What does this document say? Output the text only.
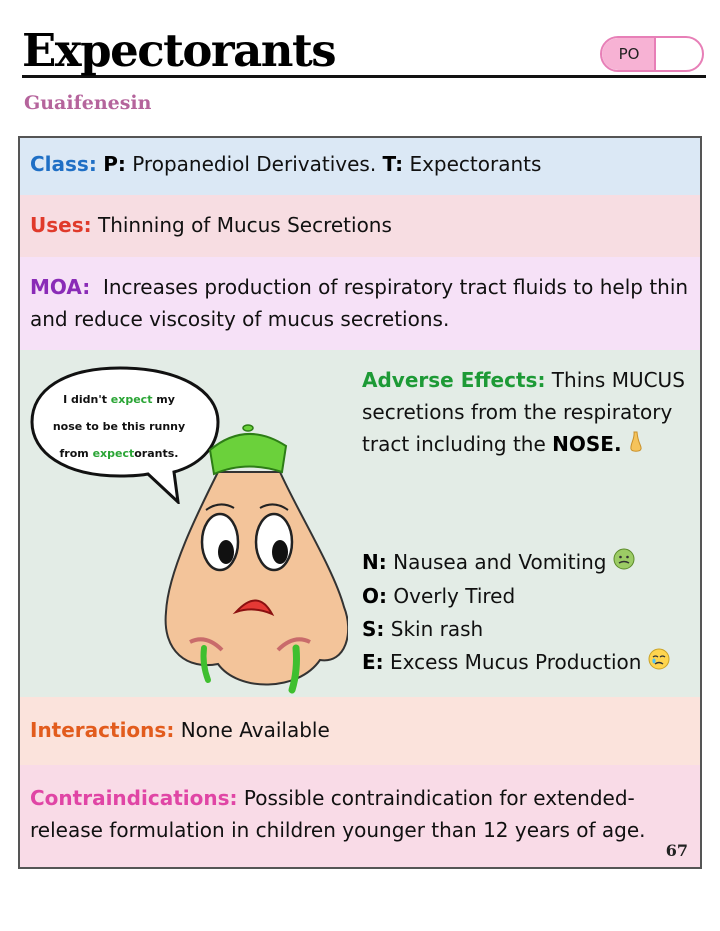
Expectorants	PO
Guaifenesin
Class: P: Propanediol Derivatives. T: Expectorants
Uses: Thinning of Mucus Secretions
MOA: Increases production of respiratory tract fluids to help thin and reduce viscosity of mucus secretions.
I didn't expect my
nose to be this runny
from expectorants.
Adverse Effects: Thins MUCUS secretions from the respiratory tract including the NOSE.
N: Nausea and Vomiting
O: Overly Tired
S: Skin rash
E: Excess Mucus Production
Interactions: None Available
Contraindications: Possible contraindication for extended-release formulation in children younger than 12 years of age.
67
